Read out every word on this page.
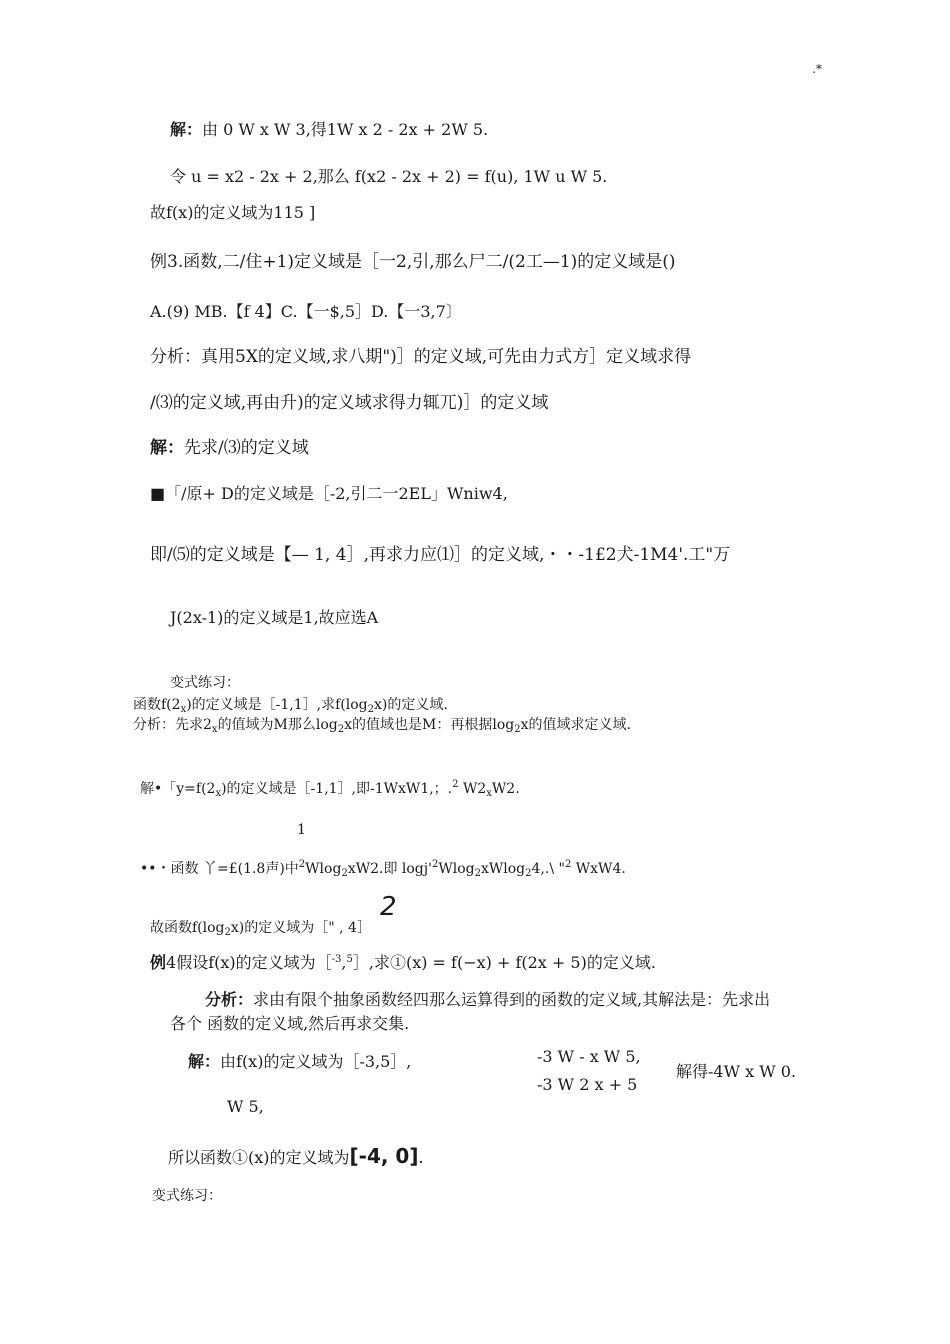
.*
解：由 0 W x W 3,得1W x 2 - 2x + 2W 5.
令 u = x2 - 2x + 2,那么 f(x2 - 2x + 2) = f(u), 1W u W 5.
故f(x)的定义域为115 ]
例3.函数,二/住+1)定义域是［一2,引,那么尸二/(2工—1)的定义域是()
A.(9) MB.【f 4】C.【一$,5］D.【一3,7〕
分析：真用5X的定义域,求八期")］的定义域,可先由力式方］定义域求得
/⑶的定义域,再由升)的定义域求得力辄兀)］的定义域
解：先求/⑶的定义域
■「/原+ D的定义域是［-2,引二一2EL」Wniw4,
即/⑸的定义域是【— 1, 4］,再求力应⑴］的定义域,・・-1£2犬-1M4'.工"万
J(2x-1)的定义域是1,故应选A
变式练习：
函数$f(2_x)$的定义域是［-1,1］,求$f(\log_2x)$的定义域.
分析：先求$2_x$的值域为M那么$\log_2x$的值域也是M：再根据$\log_2x$的值域求定义域.
解•「$y=f(2_x)$的定义域是［-1,1］,即-1WxW1,；.$^2$ $W2_xW2$.
1
••・函数 丫=£(1.8声)中$^2$Wlog$_2$xW2.即 $\log j'^2Wlog_2xWlog_24,.\backslash$ "$^2$ WxW4.
2
故函数$f(\log_2x)$的定义域为［" , 4］
例4假设f(x)的定义域为［$^{-3}$,$^5$］,求①(x) = f(−x) + f(2x + 5)的定义域.
分析：求由有限个抽象函数经四那么运算得到的函数的定义域,其解法是：先求出
各个 函数的定义域,然后再求交集.
解：由f(x)的定义域为［-3,5］,	-3 W - x W 5,
-3 W 2 x + 5
解得-4W x W 0.
W 5,
所以函数①(x)的定义域为[-4, 0].
变式练习：
